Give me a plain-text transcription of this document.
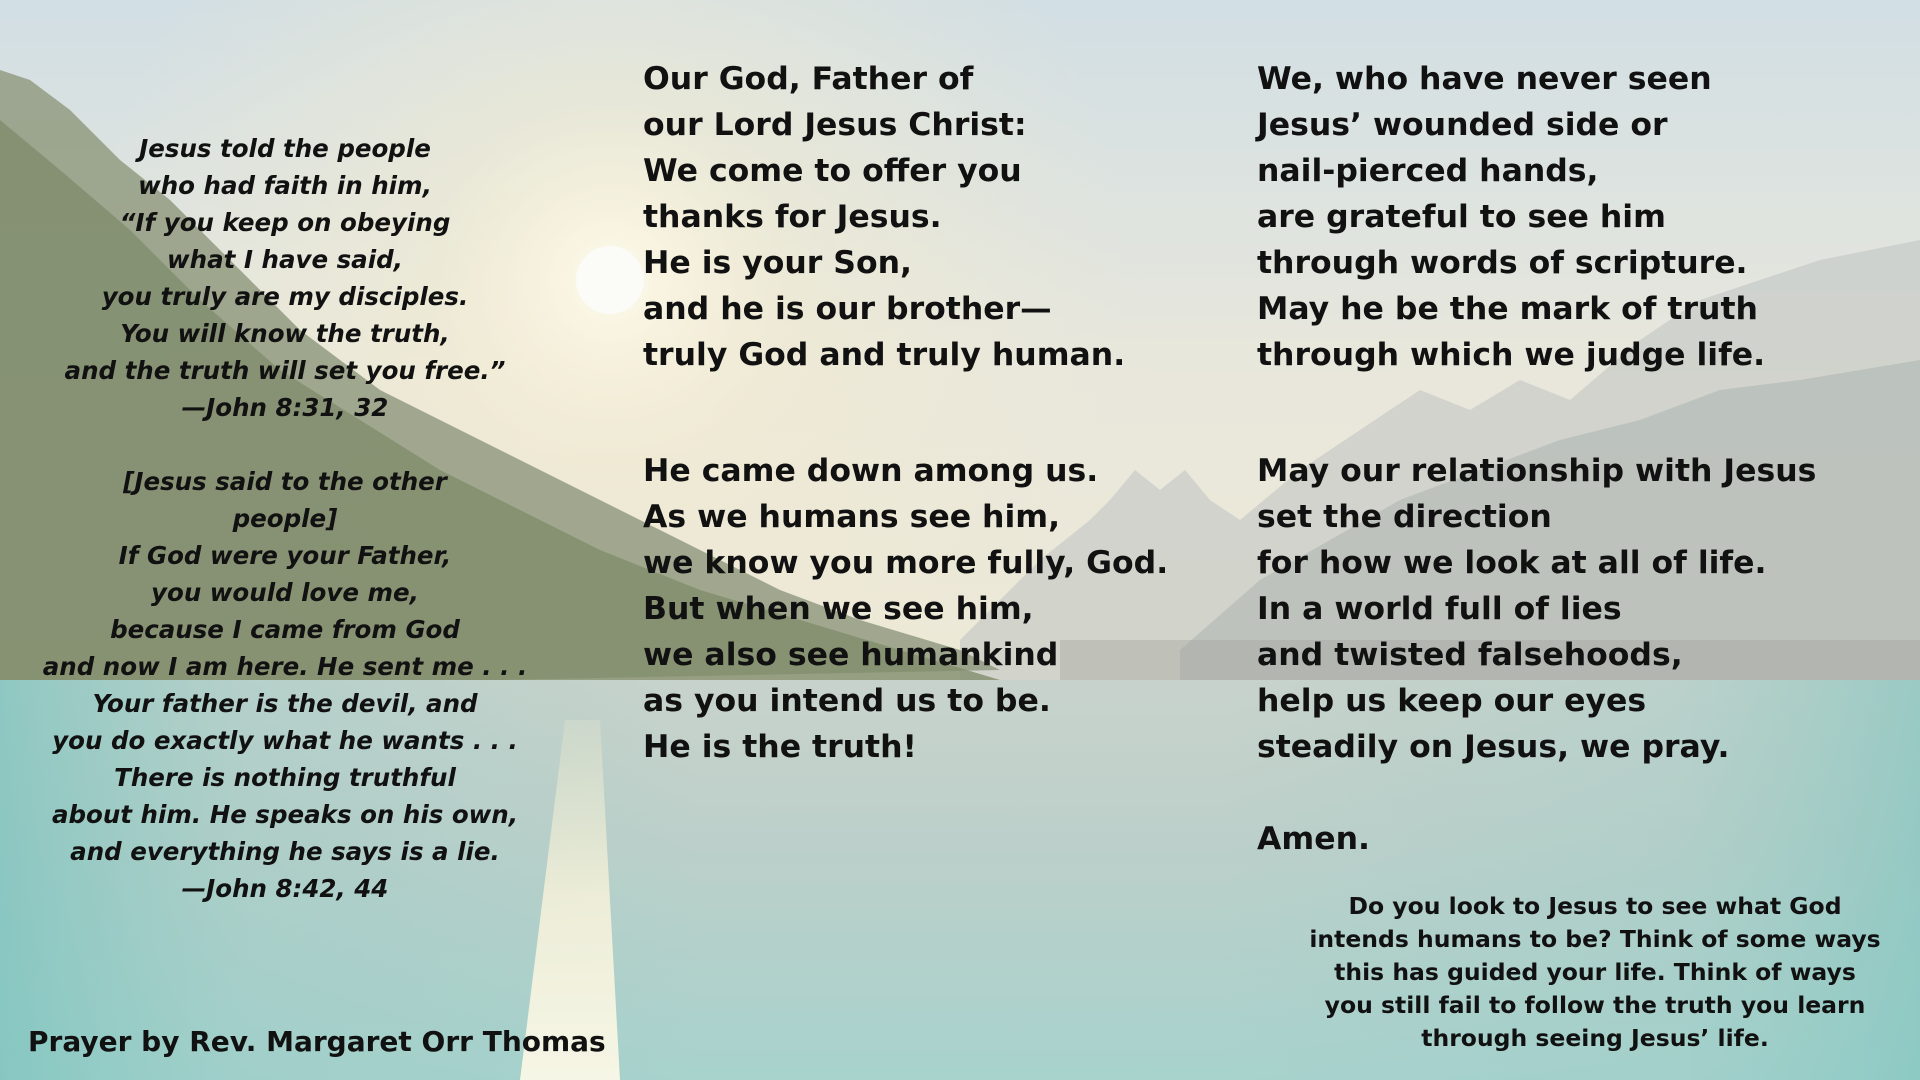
Jesus told the people
who had faith in him,
“If you keep on obeying
what I have said,
you truly are my disciples.
You will know the truth,
and the truth will set you free.”
—John 8:31, 32
[Jesus said to the other
people]
If God were your Father,
you would love me,
because I came from God
and now I am here. He sent me . . .
Your father is the devil, and
you do exactly what he wants . . .
There is nothing truthful
about him. He speaks on his own,
and everything he says is a lie.
—John 8:42, 44
Our God, Father of
our Lord Jesus Christ:
We come to offer you
thanks for Jesus.
He is your Son,
and he is our brother—
truly God and truly human.
He came down among us.
As we humans see him,
we know you more fully, God.
But when we see him,
we also see humankind
as you intend us to be.
He is the truth!
We, who have never seen
Jesus’ wounded side or
nail-pierced hands,
are grateful to see him
through words of scripture.
May he be the mark of truth
through which we judge life.
May our relationship with Jesus
set the direction
for how we look at all of life.
In a world full of lies
and twisted falsehoods,
help us keep our eyes
steadily on Jesus, we pray.
Amen.
Do you look to Jesus to see what God
intends humans to be? Think of some ways
this has guided your life. Think of ways
you still fail to follow the truth you learn
through seeing Jesus’ life.
Prayer by Rev. Margaret Orr Thomas
